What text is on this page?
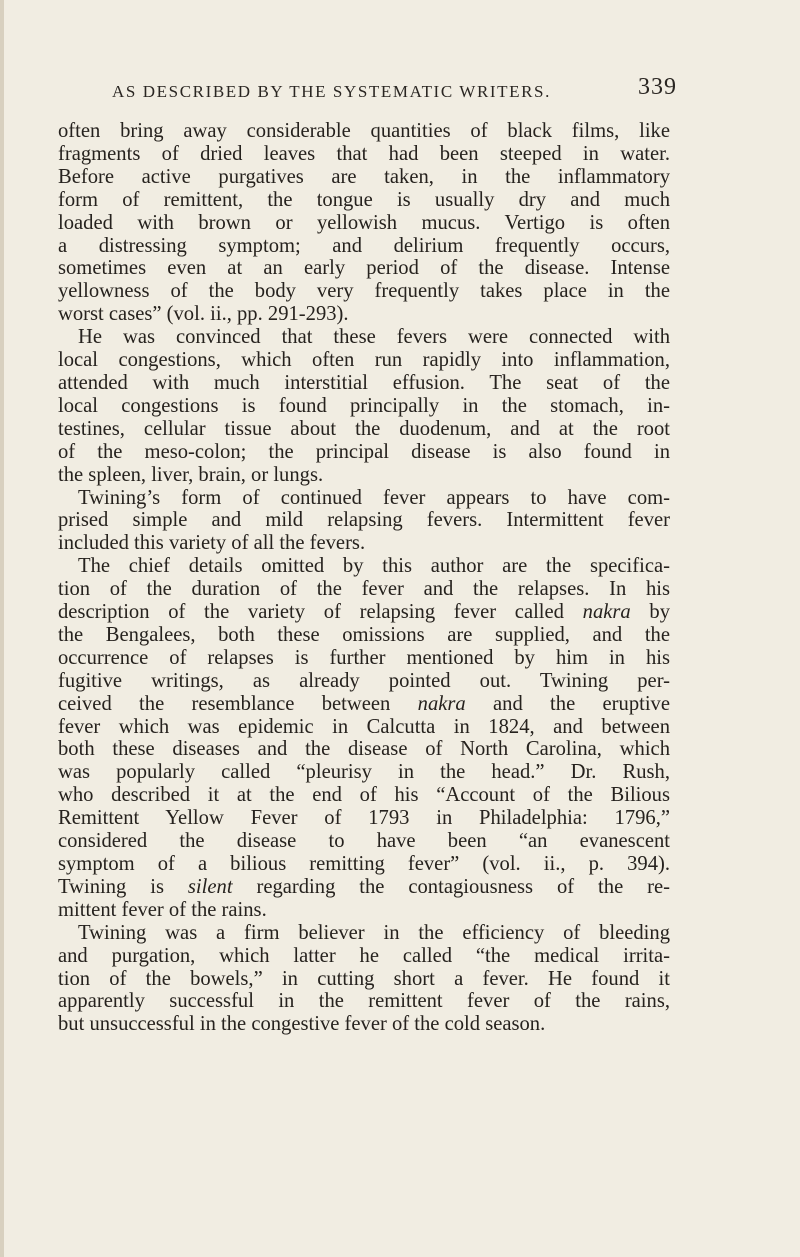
AS DESCRIBED BY THE SYSTEMATIC WRITERS.	339
often bring away considerable quantities of black films, like
fragments of dried leaves that had been steeped in water.
Before active purgatives are taken, in the inflammatory
form of remittent, the tongue is usually dry and much
loaded with brown or yellowish mucus. Vertigo is often
a distressing symptom; and delirium frequently occurs,
sometimes even at an early period of the disease. Intense
yellowness of the body very frequently takes place in the
worst cases” (vol. ii., pp. 291-293).
He was convinced that these fevers were connected with
local congestions, which often run rapidly into inflammation,
attended with much interstitial effusion. The seat of the
local congestions is found principally in the stomach, in-
testines, cellular tissue about the duodenum, and at the root
of the meso-colon; the principal disease is also found in
the spleen, liver, brain, or lungs.
Twining’s form of continued fever appears to have com-
prised simple and mild relapsing fevers. Intermittent fever
included this variety of all the fevers.
The chief details omitted by this author are the specifica-
tion of the duration of the fever and the relapses. In his
description of the variety of relapsing fever called nakra by
the Bengalees, both these omissions are supplied, and the
occurrence of relapses is further mentioned by him in his
fugitive writings, as already pointed out. Twining per-
ceived the resemblance between nakra and the eruptive
fever which was epidemic in Calcutta in 1824, and between
both these diseases and the disease of North Carolina, which
was popularly called “pleurisy in the head.” Dr. Rush,
who described it at the end of his “Account of the Bilious
Remittent Yellow Fever of 1793 in Philadelphia: 1796,”
considered the disease to have been “an evanescent
symptom of a bilious remitting fever” (vol. ii., p. 394).
Twining is silent regarding the contagiousness of the re-
mittent fever of the rains.
Twining was a firm believer in the efficiency of bleeding
and purgation, which latter he called “the medical irrita-
tion of the bowels,” in cutting short a fever. He found it
apparently successful in the remittent fever of the rains,
but unsuccessful in the congestive fever of the cold season.
